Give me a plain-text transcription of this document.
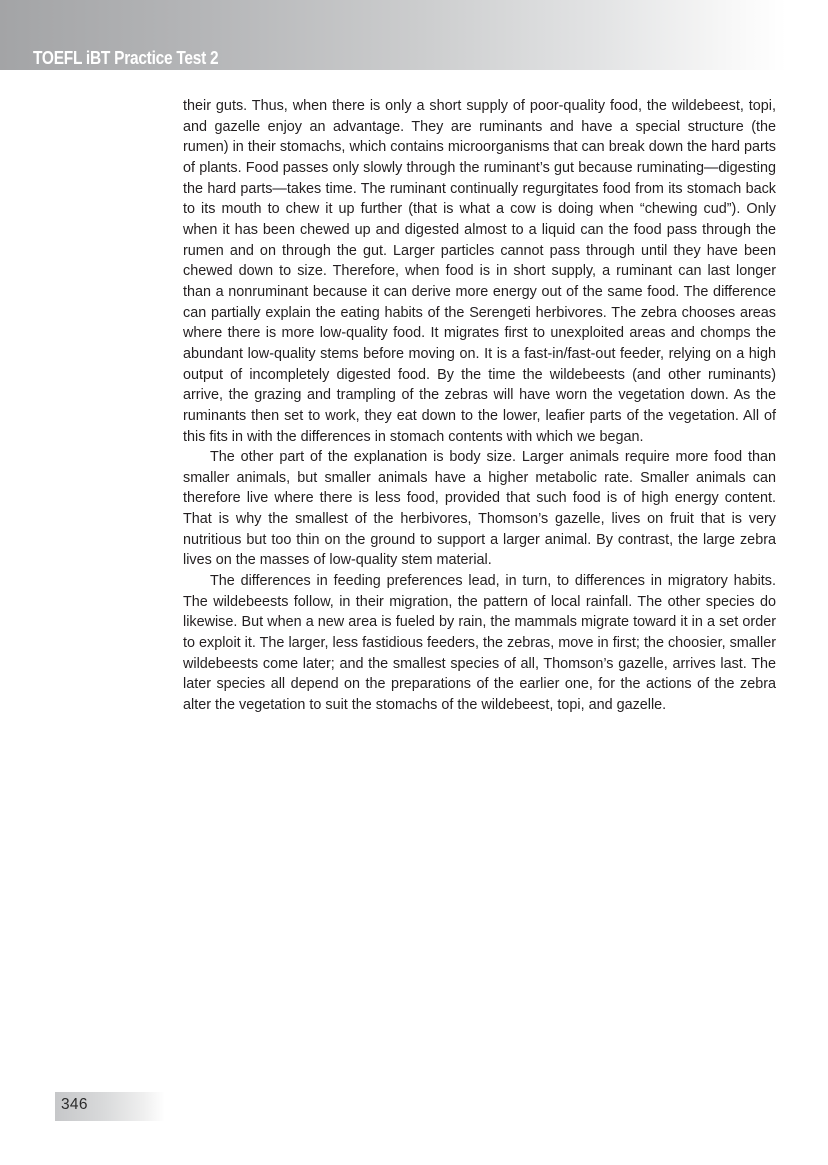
TOEFL iBT Practice Test 2

their guts. Thus, when there is only a short supply of poor-quality food, the wildebeest, topi, and gazelle enjoy an advantage. They are ruminants and have a special structure (the rumen) in their stomachs, which contains microorganisms that can break down the hard parts of plants. Food passes only slowly through the ruminant’s gut because ruminating—digesting the hard parts—takes time. The ruminant continually regurgitates food from its stomach back to its mouth to chew it up further (that is what a cow is doing when “chewing cud”). Only when it has been chewed up and digested almost to a liquid can the food pass through the rumen and on through the gut. Larger particles cannot pass through until they have been chewed down to size. Therefore, when food is in short supply, a ruminant can last longer than a nonruminant because it can derive more energy out of the same food. The difference can partially explain the eating habits of the Serengeti herbivores. The zebra chooses areas where there is more low-quality food. It migrates first to unexploited areas and chomps the abundant low-quality stems before moving on. It is a fast-in/fast-out feeder, relying on a high output of incompletely digested food. By the time the wildebeests (and other ruminants) arrive, the grazing and trampling of the zebras will have worn the vegetation down. As the ruminants then set to work, they eat down to the lower, leafier parts of the vegetation. All of this fits in with the differences in stomach contents with which we began.

The other part of the explanation is body size. Larger animals require more food than smaller animals, but smaller animals have a higher metabolic rate. Smaller animals can therefore live where there is less food, provided that such food is of high energy content. That is why the smallest of the herbivores, Thomson’s gazelle, lives on fruit that is very nutritious but too thin on the ground to support a larger animal. By contrast, the large zebra lives on the masses of low-quality stem material.

The differences in feeding preferences lead, in turn, to differences in migratory habits. The wildebeests follow, in their migration, the pattern of local rainfall. The other species do likewise. But when a new area is fueled by rain, the mammals migrate toward it in a set order to exploit it. The larger, less fastidious feeders, the zebras, move in first; the choosier, smaller wildebeests come later; and the smallest species of all, Thomson’s gazelle, arrives last. The later species all depend on the preparations of the earlier one, for the actions of the zebra alter the vegetation to suit the stomachs of the wildebeest, topi, and gazelle.

346
